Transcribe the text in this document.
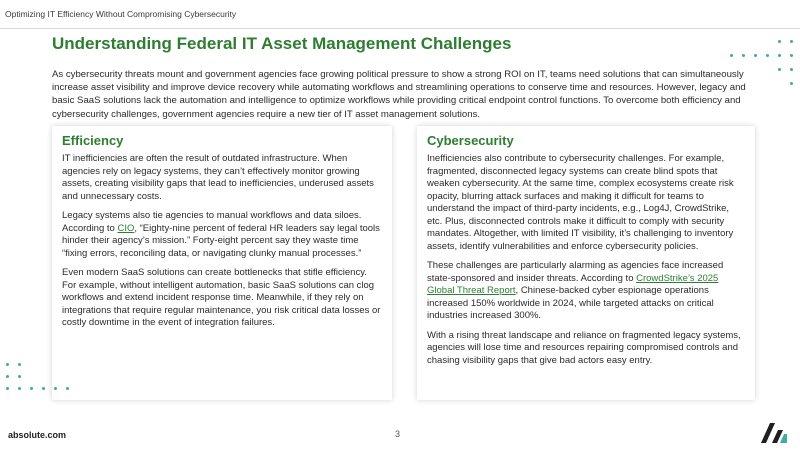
Optimizing IT Efficiency Without Compromising Cybersecurity
Understanding Federal IT Asset Management Challenges

As cybersecurity threats mount and government agencies face growing political pressure to show a strong ROI on IT, teams need solutions that can simultaneously increase asset visibility and improve device recovery while automating workflows and streamlining operations to conserve time and resources. However, legacy and basic SaaS solutions lack the automation and intelligence to optimize workflows while providing critical endpoint control functions. To overcome both efficiency and cybersecurity challenges, government agencies require a new tier of IT asset management solutions.

Efficiency

IT inefficiencies are often the result of outdated infrastructure. When agencies rely on legacy systems, they can’t effectively monitor growing assets, creating visibility gaps that lead to inefficiencies, underused assets and unnecessary costs.

Legacy systems also tie agencies to manual workflows and data siloes. According to CIO, “Eighty-nine percent of federal HR leaders say legal tools hinder their agency’s mission.” Forty-eight percent say they waste time “fixing errors, reconciling data, or navigating clunky manual processes.”

Even modern SaaS solutions can create bottlenecks that stifle efficiency. For example, without intelligent automation, basic SaaS solutions can clog workflows and extend incident response time. Meanwhile, if they rely on integrations that require regular maintenance, you risk critical data losses or costly downtime in the event of integration failures.

Cybersecurity

Inefficiencies also contribute to cybersecurity challenges. For example, fragmented, disconnected legacy systems can create blind spots that weaken cybersecurity. At the same time, complex ecosystems create risk opacity, blurring attack surfaces and making it difficult for teams to understand the impact of third-party incidents, e.g., Log4J, CrowdStrike, etc. Plus, disconnected controls make it difficult to comply with security mandates. Altogether, with limited IT visibility, it’s challenging to inventory assets, identify vulnerabilities and enforce cybersecurity policies.

These challenges are particularly alarming as agencies face increased state-sponsored and insider threats. According to CrowdStrike’s 2025 Global Threat Report, Chinese-backed cyber espionage operations increased 150% worldwide in 2024, while targeted attacks on critical industries increased 300%.

With a rising threat landscape and reliance on fragmented legacy systems, agencies will lose time and resources repairing compromised controls and chasing visibility gaps that give bad actors easy entry.

absolute.com	3
